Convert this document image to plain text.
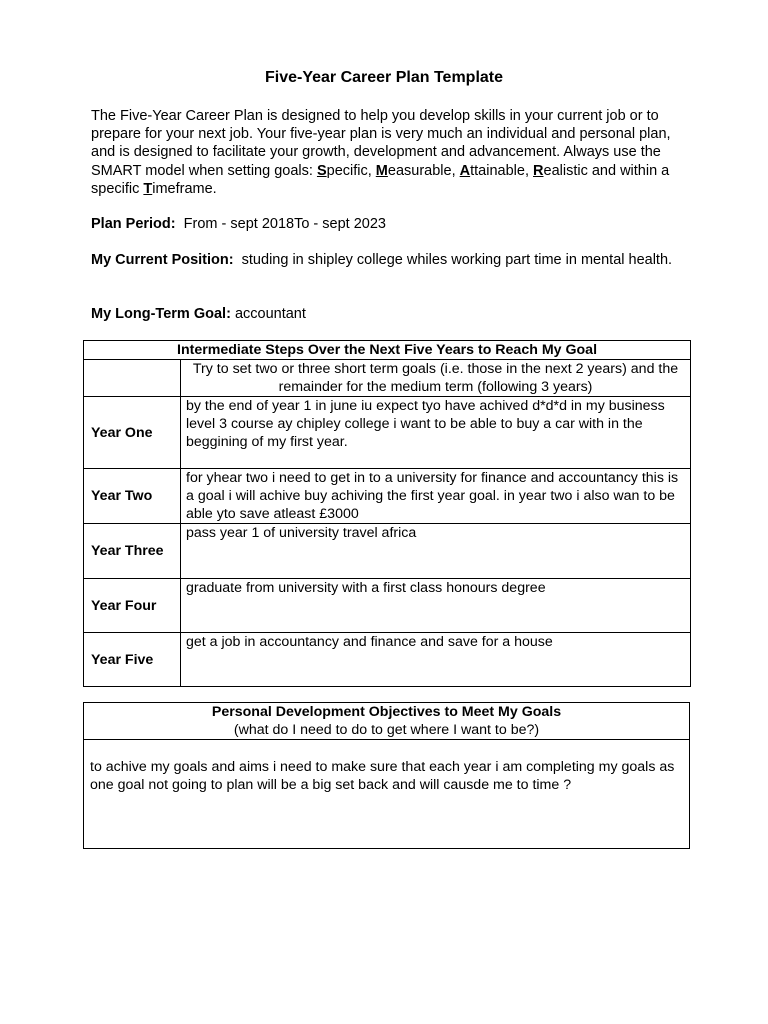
Five-Year Career Plan Template

The Five-Year Career Plan is designed to help you develop skills in your current job or to prepare for your next job. Your five-year plan is very much an individual and personal plan, and is designed to facilitate your growth, development and advancement. Always use the SMART model when setting goals: Specific, Measurable, Attainable, Realistic and within a specific Timeframe.

Plan Period: From - sept 2018To - sept 2023
My Current Position: studing in shipley college whiles working part time in mental health.
My Long-Term Goal: accountant
Intermediate Steps Over the Next Five Years to Reach My Goal	
	Try to set two or three short term goals (i.e. those in the next 2 years) and the remainder for the medium term (following 3 years)
Year One	by the end of year 1 in june iu expect tyo have achived d*d*d in my business level 3 course ay chipley college i want to be able to buy a car with in the beggining of my first year.
Year Two	for yhear two i need to get in to a university for finance and accountancy this is a goal i will achive buy achiving the first year goal. in year two i also wan to be able yto save atleast £3000
Year Three	pass year 1 of university travel africa
Year Four	graduate from university with a first class honours degree
Year Five	get a job in accountancy and finance and save for a house
Personal Development Objectives to Meet My Goals
(what do I need to do to get where I want to be?)
to achive my goals and aims i need to make sure that each year i am completing my goals as one goal not going to plan will be a big set back and will causde me to time ?
